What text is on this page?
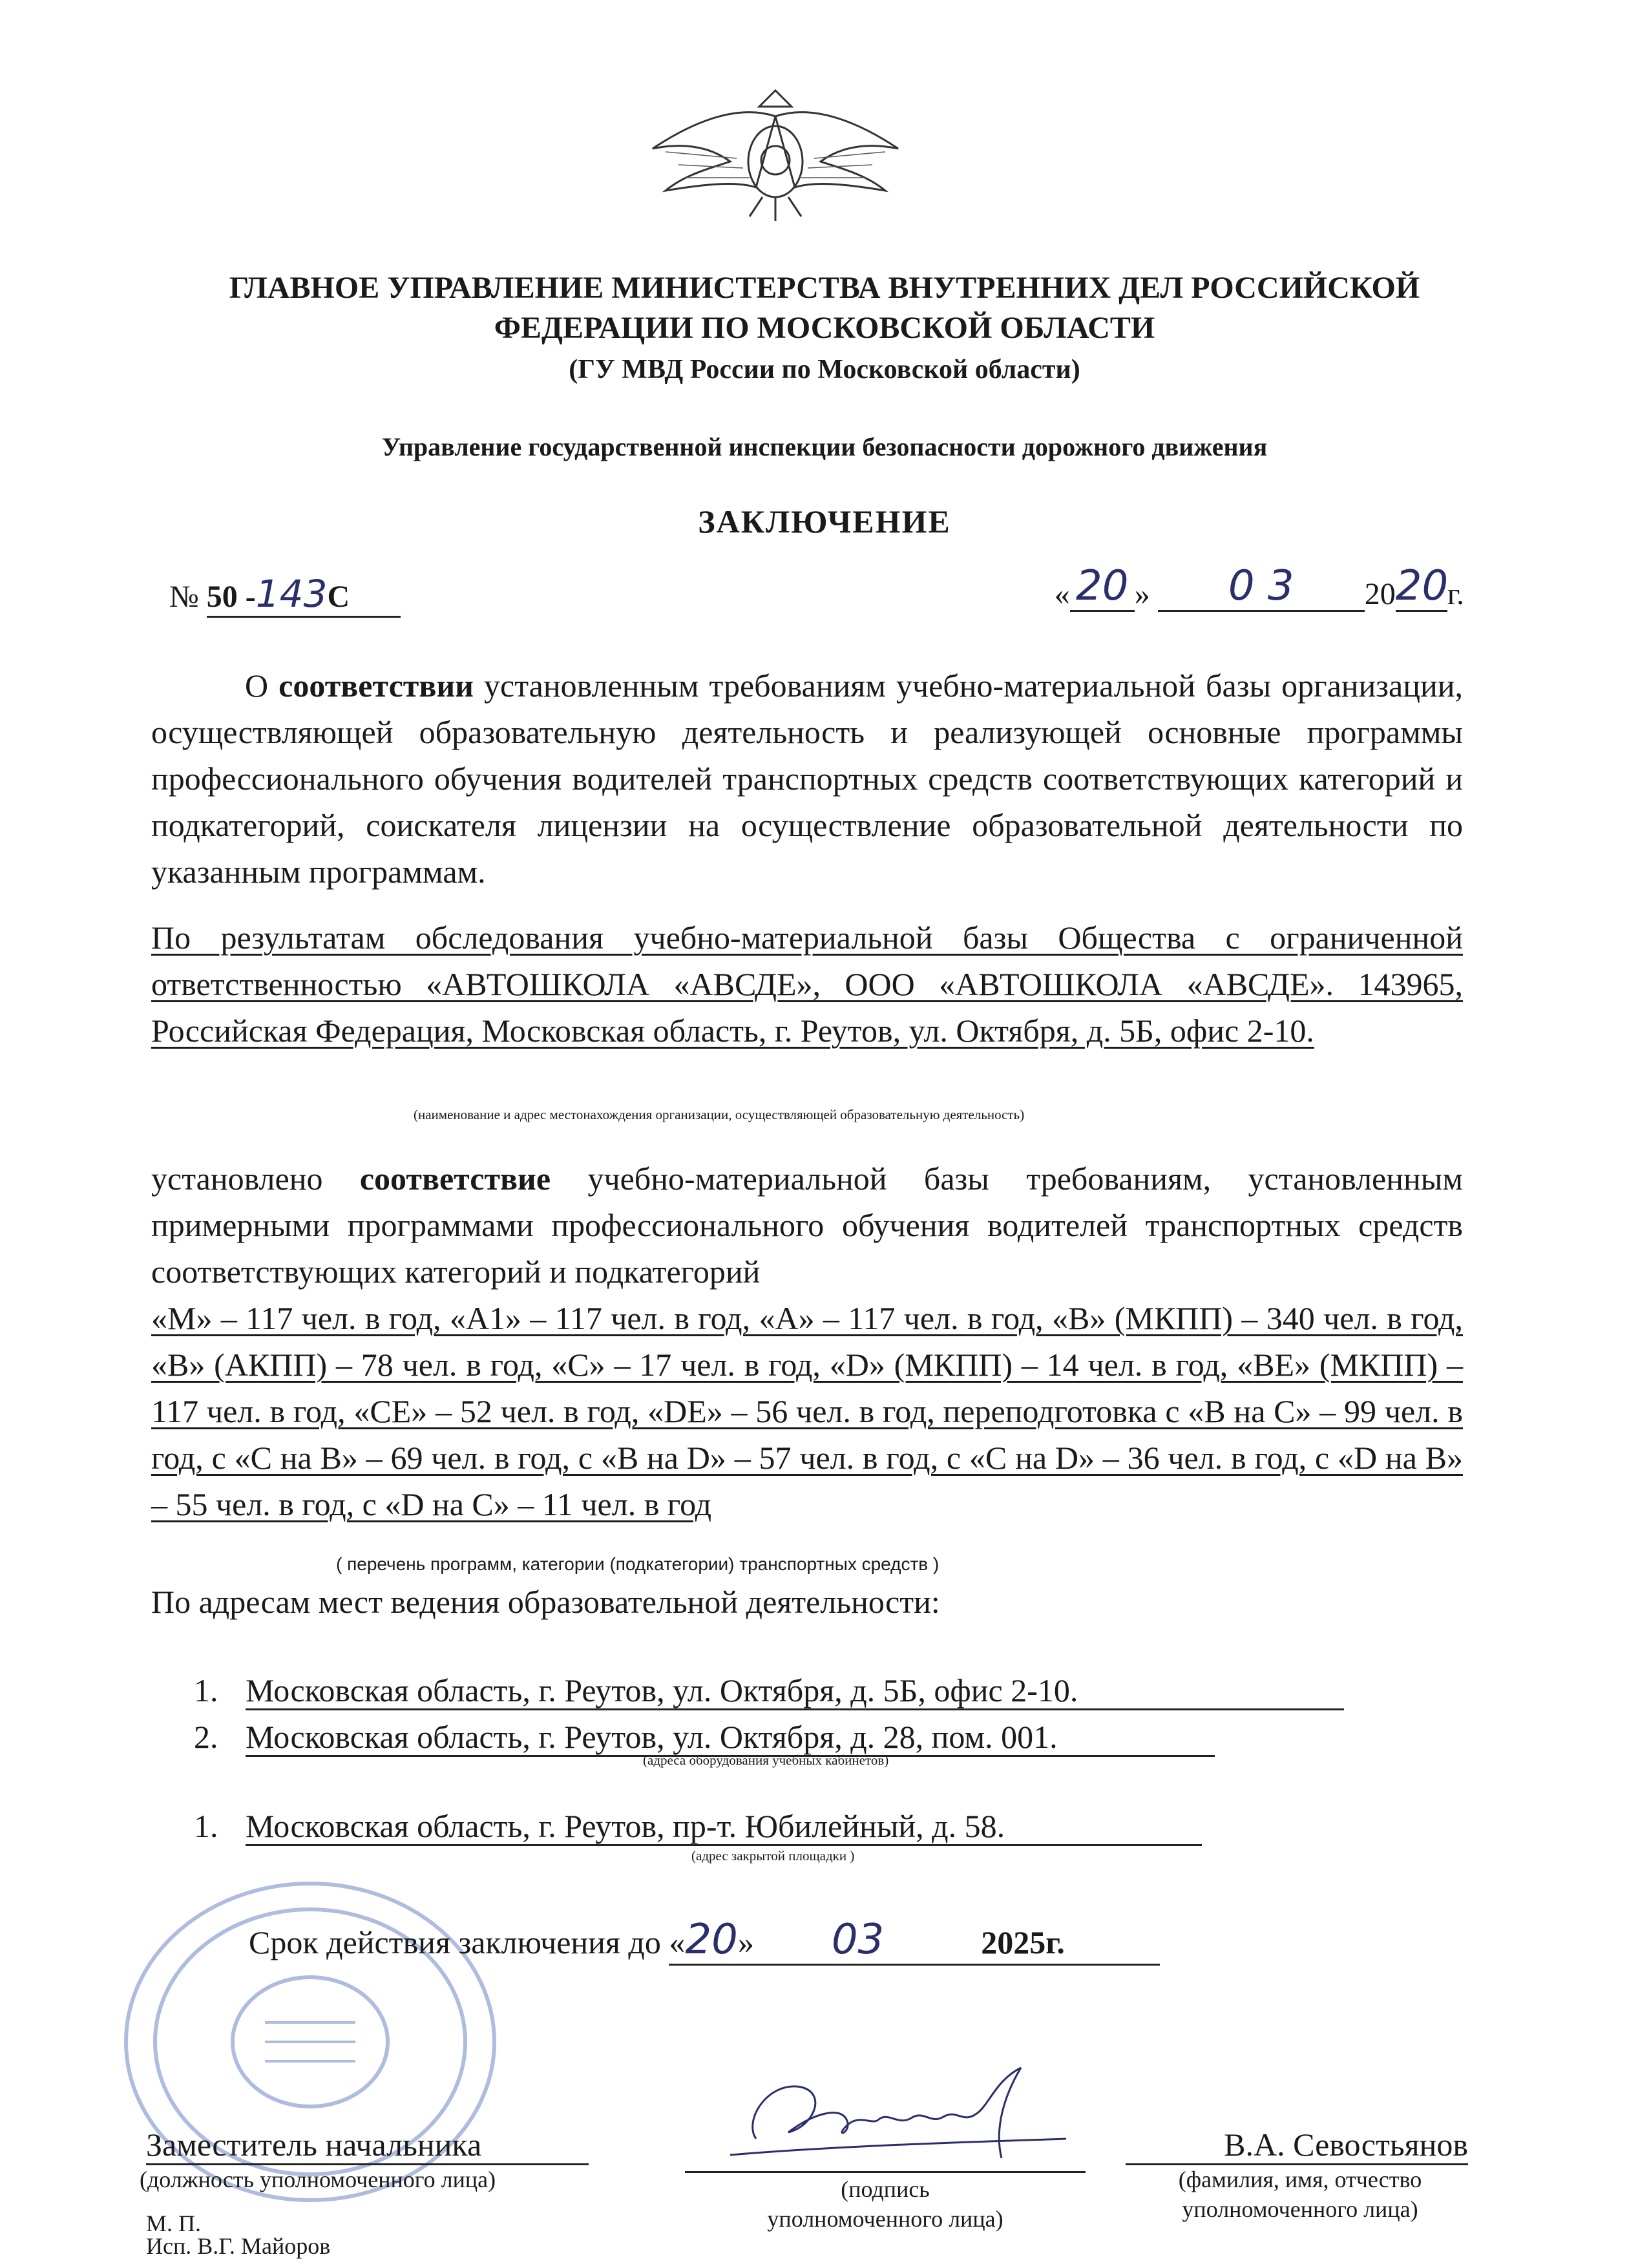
ГЛАВНОЕ УПРАВЛЕНИЕ МИНИСТЕРСТВА ВНУТРЕННИХ ДЕЛ РОССИЙСКОЙ
ФЕДЕРАЦИИ ПО МОСКОВСКОЙ ОБЛАСТИ
(ГУ МВД России по Московской области)
Управление государственной инспекции безопасности дорожного движения
ЗАКЛЮЧЕНИЕ
№ 50 -143С	« 20 » 0 3 2020г.
О соответствии установленным требованиям учебно-материальной базы организации, осуществляющей образовательную деятельность и реализующей основные программы профессионального обучения водителей транспортных средств соответствующих категорий и подкатегорий, соискателя лицензии на осуществление образовательной деятельности по указанным программам.
По результатам обследования учебно-материальной базы Общества с ограниченной ответственностью «АВТОШКОЛА «АВСДЕ», ООО «АВТОШКОЛА «АВСДЕ». 143965, Российская Федерация, Московская область, г. Реутов, ул. Октября, д. 5Б, офис 2-10.
(наименование и адрес местонахождения организации, осуществляющей образовательную деятельность)
установлено соответствие учебно-материальной базы требованиям, установленным примерными программами профессионального обучения водителей транспортных средств соответствующих категорий и подкатегорий
«М» – 117 чел. в год, «А1» – 117 чел. в год, «А» – 117 чел. в год, «В» (МКПП) – 340 чел. в год, «В» (АКПП) – 78 чел. в год, «С» – 17 чел. в год, «D» (МКПП) – 14 чел. в год, «ВЕ» (МКПП) – 117 чел. в год, «СЕ» – 52 чел. в год, «DЕ» – 56 чел. в год, переподготовка с «В на С» – 99 чел. в год, с «С на В» – 69 чел. в год, с «В на D» – 57 чел. в год, с «С на D» – 36 чел. в год, с «D на В» – 55 чел. в год, с «D на С» – 11 чел. в год
( перечень программ, категории (подкатегории) транспортных средств )
По адресам мест ведения образовательной деятельности:
1. Московская область, г. Реутов, ул. Октября, д. 5Б, офис 2-10.
2. Московская область, г. Реутов, ул. Октября, д. 28, пом. 001.
(адреса оборудования учебных кабинетов)
1. Московская область, г. Реутов, пр-т. Юбилейный, д. 58.
(адрес закрытой площадки )
Срок действия заключения до «20» 03	2025г.
Заместитель начальника
(должность уполномоченного лица)	(подпись
уполномоченного лица)
В.А. Севостьянов
(фамилия, имя, отчество
уполномоченного лица)
М. П.
Исп. В.Г. Майоров
